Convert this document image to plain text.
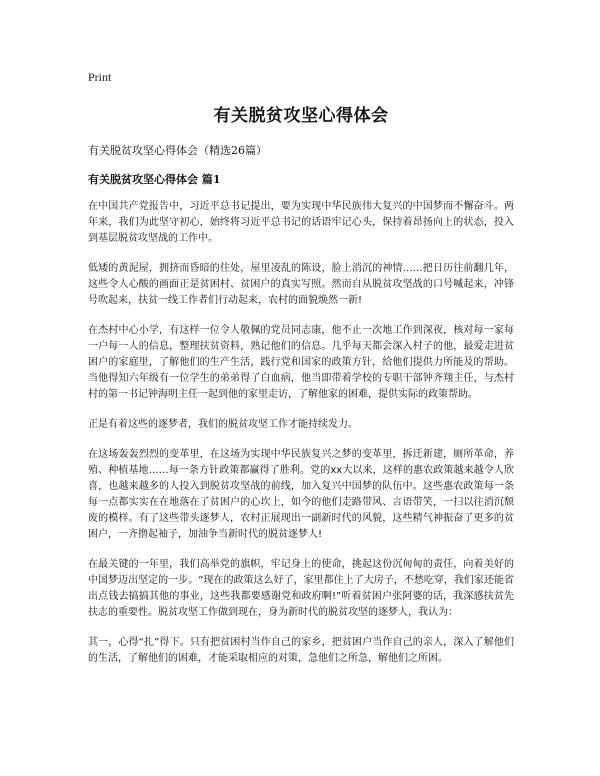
Print
有关脱贫攻坚心得体会

有关脱贫攻坚心得体会（精选26篇）

有关脱贫攻坚心得体会 篇1

在中国共产党报告中，习近平总书记提出，要为实现中华民族伟大复兴的中国梦而不懈奋斗。两年来，我们为此坚守初心，始终将习近平总书记的话语牢记心头，保持着昂扬向上的状态，投入到基层脱贫攻坚战的工作中。

低矮的黄泥屋，拥挤而昏暗的住处，屋里凌乱的陈设，脸上消沉的神情……把日历往前翻几年，这些令人心酸的画面正是贫困村、贫困户的真实写照。然而自从脱贫攻坚战的口号喊起来，冲锋号吹起来，扶贫一线工作者们行动起来，农村的面貌焕然一新!

在杰村中心小学，有这样一位令人敬佩的党员同志康，他不止一次地工作到深夜，核对每一家每一户每一人的信息，整理扶贫资料，熟记他们的信息。几乎每天都会深入村子的他，最爱走进贫困户的家庭里，了解他们的生产生活，践行党和国家的政策方针，给他们提供力所能及的帮助。当他得知六年级有一位学生的弟弟得了白血病，他当即带着学校的专职干部钟齐翔主任，与杰村村的第一书记钟海明主任一起到他的家里走访，了解他家的困难，提供实际的政策帮助。

正是有着这些的逐梦者，我们的脱贫攻坚工作才能持续发力。

在这场轰轰烈烈的变革里，在这场为实现中华民族复兴之梦的变革里，拆迁新建，厕所革命，养殖、种植基地……每一条方针政策都赢得了胜利。党的xx大以来，这样的惠农政策越来越令人欣喜，也越来越多的人投入到脱贫攻坚战的前线，加入复兴中国梦的队伍中。这些惠农政策每一条每一点都实实在在地落在了贫困户的心坎上，如今的他们走路带风、言语带笑，一扫以往消沉颓废的模样。有了这些带头逐梦人，农村正展现出一副新时代的风貌，这些精气神振奋了更多的贫困户，一齐撸起袖子，加油争当新时代的脱贫逐梦人!

在最关键的一年里，我们高举党的旗帜，牢记身上的使命，挑起这份沉甸甸的责任，向着美好的中国梦迈出坚定的一步。“现在的政策这么好了，家里都住上了大房子，不愁吃穿，我们家还能省出点钱去搞搞其他的事业，这些我都要感谢党和政府啊!”听着贫困户张阿婆的话，我深感扶贫先扶志的重要性。脱贫攻坚工作做到现在，身为新时代的脱贫攻坚的逐梦人，我认为：

其一，心得“扎”得下。只有把贫困村当作自己的家乡，把贫困户当作自己的亲人，深入了解他们的生活，了解他们的困难，才能采取相应的对策，急他们之所急，解他们之所困。
